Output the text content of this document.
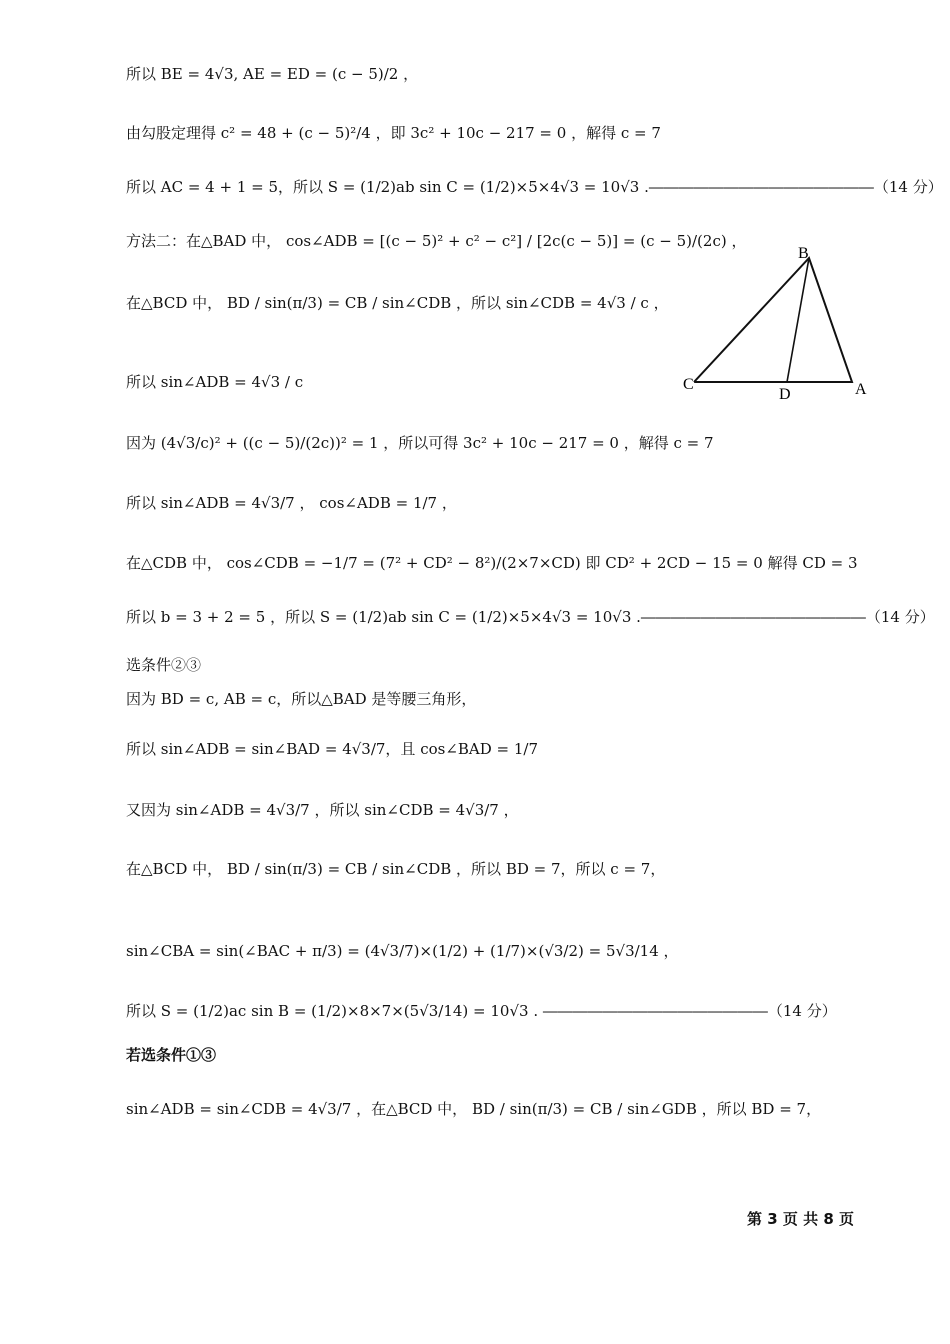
所以 BE = 4√3, AE = ED = (c − 5)/2 ，
由勾股定理得 c² = 48 + (c − 5)²/4 ，即 3c² + 10c − 217 = 0 ，解得 c = 7
所以 AC = 4 + 1 = 5，所以 S = (1/2)ab sin C = (1/2)×5×4√3 = 10√3 .―――――――――――――――（14 分）
方法二：在△BAD 中， cos∠ADB = [(c − 5)² + c² − c²] / [2c(c − 5)] = (c − 5)/(2c) ，
在△BCD 中， BD / sin(π/3) = CB / sin∠CDB ，所以 sin∠CDB = 4√3 / c ，
所以 sin∠ADB = 4√3 / c
因为 (4√3/c)² + ((c − 5)/(2c))² = 1 ，所以可得 3c² + 10c − 217 = 0 ，解得 c = 7
所以 sin∠ADB = 4√3/7 ， cos∠ADB = 1/7 ，
在△CDB 中， cos∠CDB = −1/7 = (7² + CD² − 8²)/(2×7×CD) 即 CD² + 2CD − 15 = 0 解得 CD = 3
所以 b = 3 + 2 = 5 ，所以 S = (1/2)ab sin C = (1/2)×5×4√3 = 10√3 .―――――――――――――――（14 分）
选条件②③
因为 BD = c, AB = c，所以△BAD 是等腰三角形，
所以 sin∠ADB = sin∠BAD = 4√3/7，且 cos∠BAD = 1/7
又因为 sin∠ADB = 4√3/7 ，所以 sin∠CDB = 4√3/7 ，
在△BCD 中， BD / sin(π/3) = CB / sin∠CDB ，所以 BD = 7，所以 c = 7，
sin∠CBA = sin(∠BAC + π/3) = (4√3/7)×(1/2) + (1/7)×(√3/2) = 5√3/14 ，
所以 S = (1/2)ac sin B = (1/2)×8×7×(5√3/14) = 10√3 . ―――――――――――――――（14 分）
若选条件①③
sin∠ADB = sin∠CDB = 4√3/7 ，在△BCD 中， BD / sin(π/3) = CB / sin∠GDB ，所以 BD = 7，
B
C
D	A
第 3 页 共 8 页
